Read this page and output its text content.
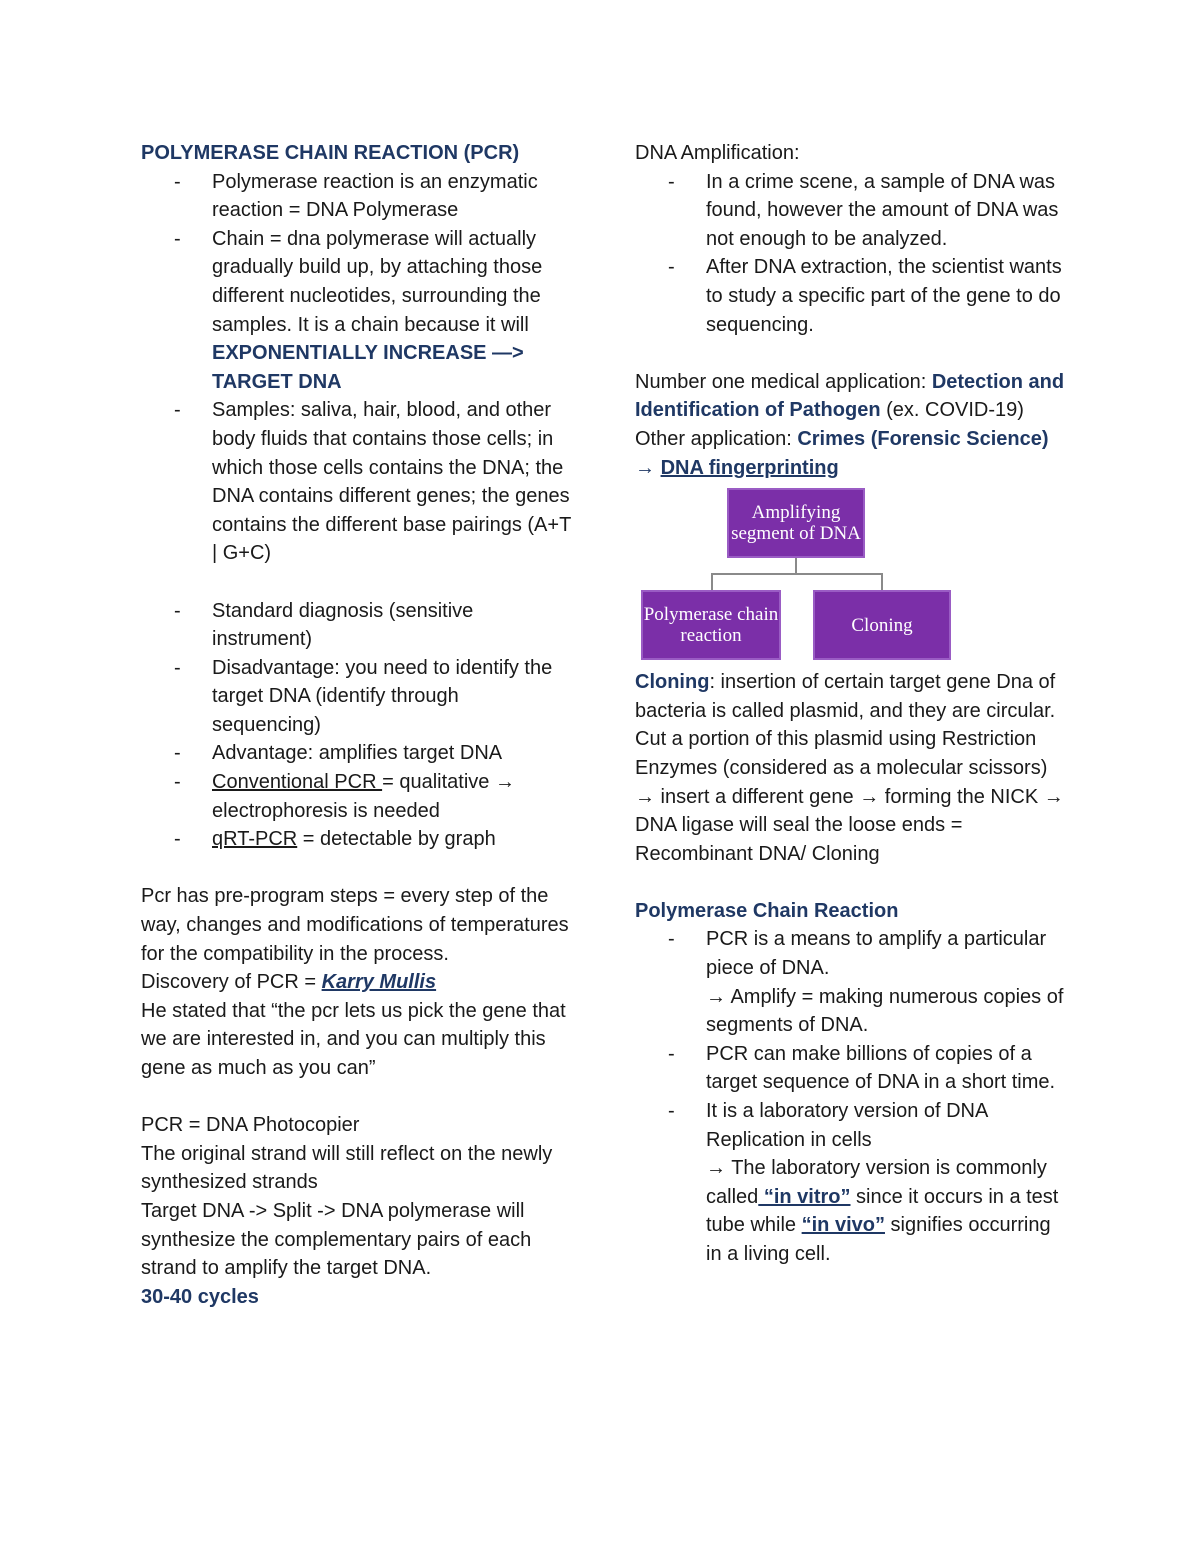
POLYMERASE CHAIN REACTION (PCR)

- Polymerase reaction is an enzymatic reaction = DNA Polymerase
- Chain = dna polymerase will actually gradually build up, by attaching those different nucleotides, surrounding the samples. It is a chain because it will
EXPONENTIALLY INCREASE —> TARGET DNA
- Samples: saliva, hair, blood, and other body fluids that contains those cells; in which those cells contains the DNA; the DNA contains different genes; the genes contains the different base pairings (A+T | G+C)
- Standard diagnosis (sensitive instrument)
- Disadvantage: you need to identify the target DNA (identify through sequencing)
- Advantage: amplifies target DNA
- Conventional PCR = qualitative → electrophoresis is needed
- qRT-PCR = detectable by graph

Pcr has pre-program steps = every step of the way, changes and modifications of temperatures for the compatibility in the process.

Discovery of PCR = Karry Mullis

He stated that “the pcr lets us pick the gene that we are interested in, and you can multiply this gene as much as you can”

PCR = DNA Photocopier

The original strand will still reflect on the newly synthesized strands

Target DNA -> Split -> DNA polymerase will synthesize the complementary pairs of each strand to amplify the target DNA.

30-40 cycles

DNA Amplification:

- In a crime scene, a sample of DNA was found, however the amount of DNA was not enough to be analyzed.
- After DNA extraction, the scientist wants to study a specific part of the gene to do sequencing.

Number one medical application: Detection and Identification of Pathogen (ex. COVID-19)

Other application: Crimes (Forensic Science) → DNA fingerprinting

Amplifying segment of DNA
Polymerase chain reaction	Cloning

Cloning: insertion of certain target gene Dna of bacteria is called plasmid, and they are circular. Cut a portion of this plasmid using Restriction Enzymes (considered as a molecular scissors) → insert a different gene → forming the NICK → DNA ligase will seal the loose ends = Recombinant DNA/ Cloning

Polymerase Chain Reaction

- PCR is a means to amplify a particular piece of DNA.
→ Amplify = making numerous copies of segments of DNA.
- PCR can make billions of copies of a target sequence of DNA in a short time.
- It is a laboratory version of DNA Replication in cells
→ The laboratory version is commonly called “in vitro” since it occurs in a test tube while “in vivo” signifies occurring in a living cell.
